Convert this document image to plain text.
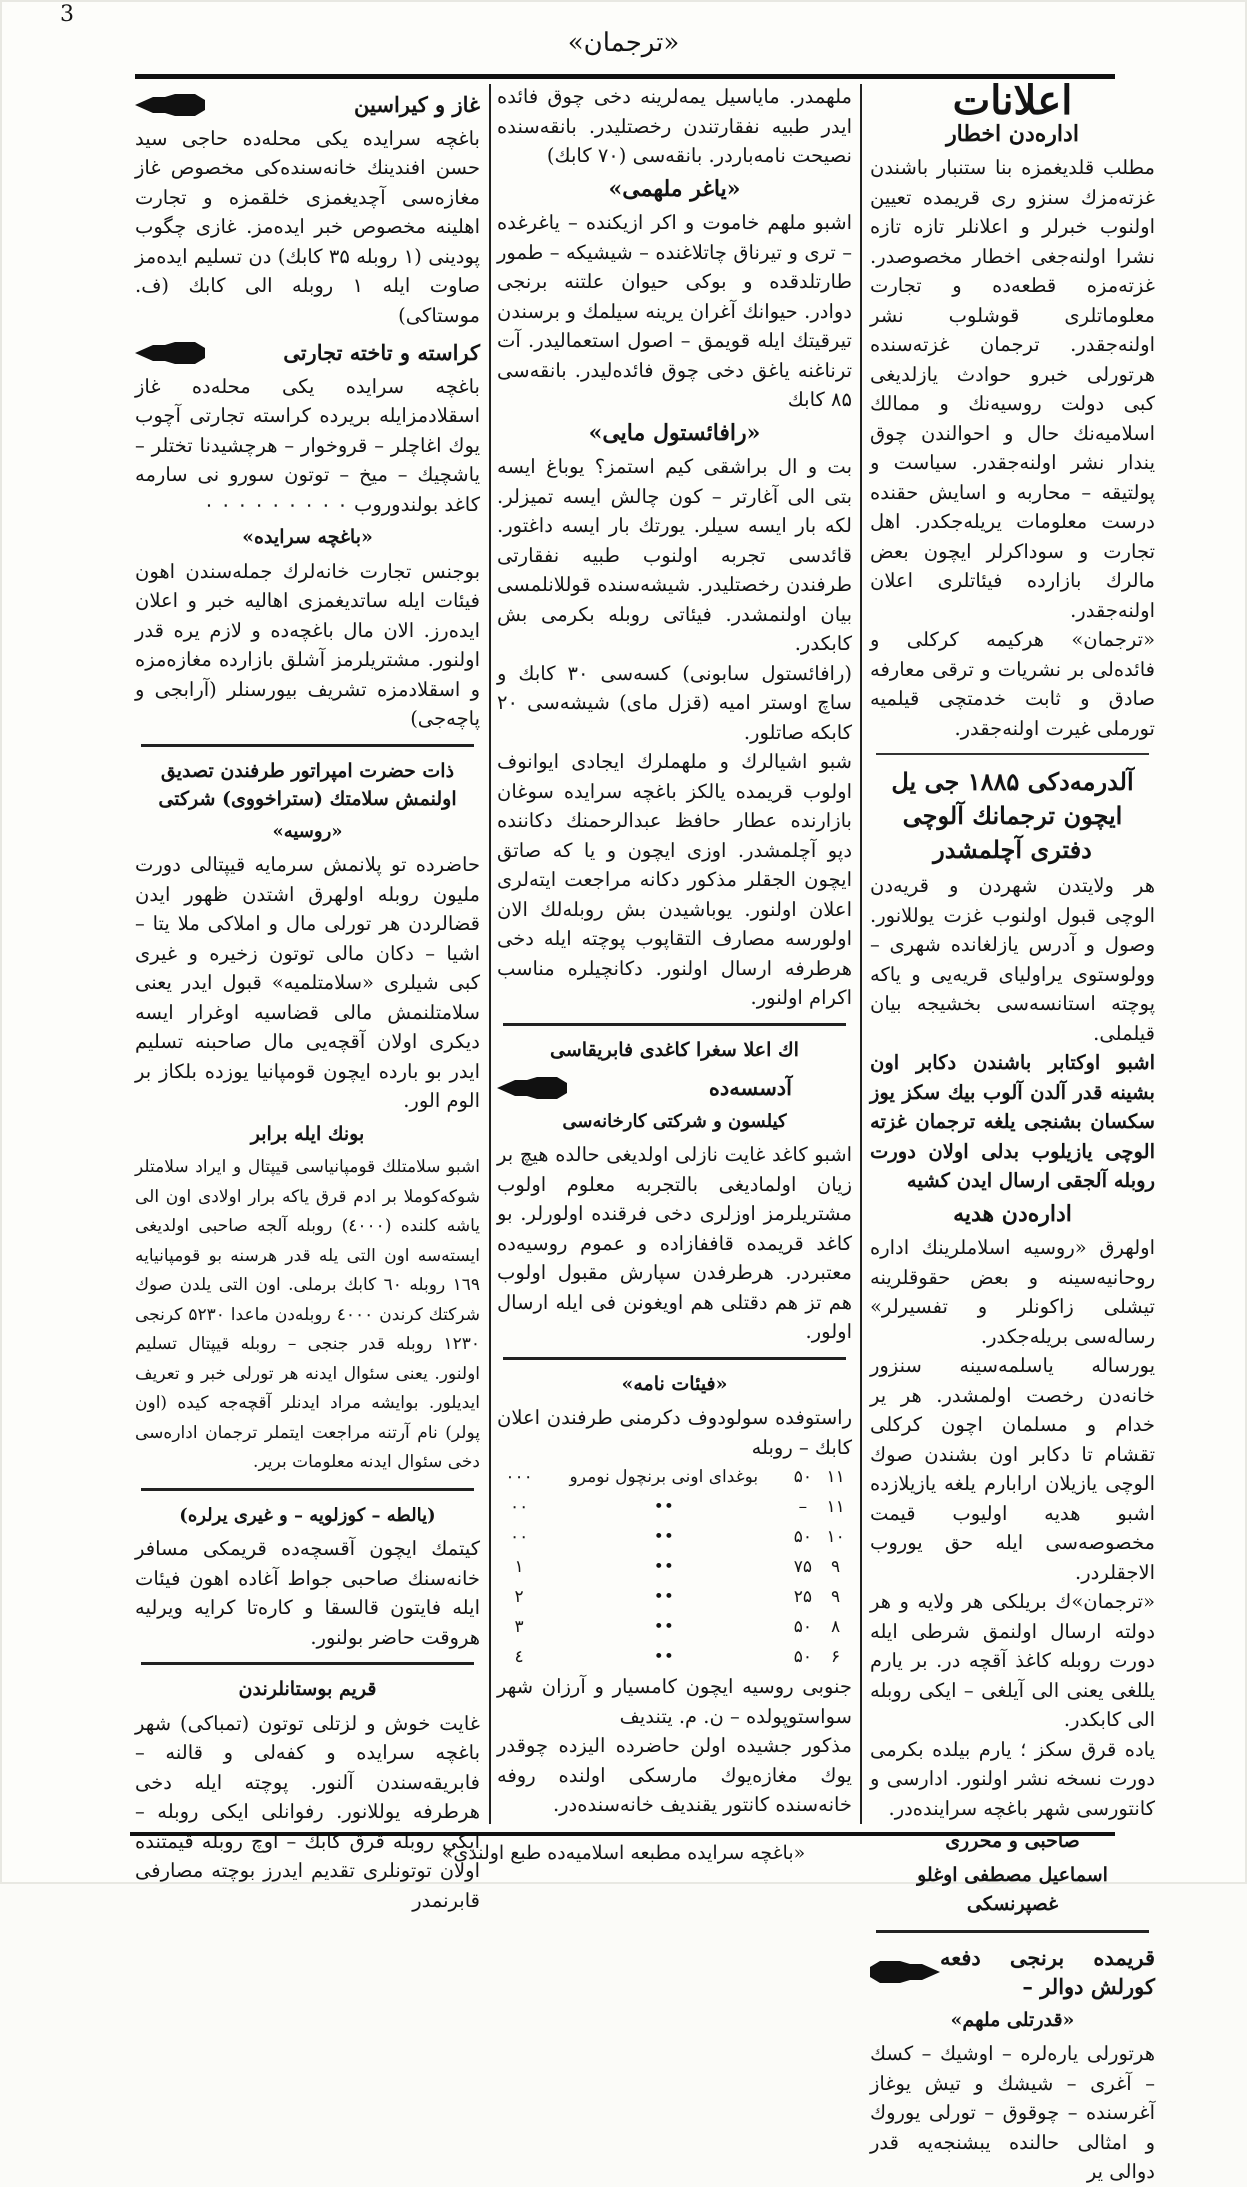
«ترجمان»
3
اعلانات
اداره‌دن اخطار

مطلب قلدیغمزه بنا ستنبار باشندن غزته‌مزك سنزو ری قریمده تعیین اولنوب خبرلر و اعلانلر تازه تازه نشرا اولنه‌جغی اخطار مخصوصدر. غزته‌مزه قطعه‌ده و تجارت معلوماتلری قوشلوب نشر اولنه‌جقدر. ترجمان غزته‌سنده هرتورلی خبرو حوادث یازلدیغی كبی دولت روسیه‌نك و ممالك اسلامیه‌نك حال و احوالندن چوق یندار نشر اولنه‌جقدر. سیاست و پولتیقه – محاربه و اسایش حقنده درست معلومات یریله‌جكدر. اهل تجارت و سوداكرلر ایچون بعض مالرك بازارده فیئاتلری اعلان اولنه‌جقدر.

«ترجمان» هركیمه كركلی و فائده‌لی بر نشریات و ترقی معارفه صادق و ثابت خدمتچی قیلمیه تورملی غیرت اولنه‌جقدر.

آلدرمه‌دكی ۱۸۸۵ جی یل ایچون ترجمانك آلوچی دفتری آچلمشدر

هر ولایتدن شهردن و قریه‌دن الوچی قبول اولنوب غزت یوللانور. وصول و آدرس یازلغانده شهری – وولوستوی یراولیای قریه‌یی و یاکه پوچته استانسه‌سی بخشیجه بیان قیلملی.

اشبو اوكتابر باشندن دكابر اون بشینه قدر آلدن آلوب بیك سكز یوز سكسان بشنجی یلغه ترجمان غزته الوچی یازیلوب بدلی اولان دورت روبله آلجقی ارسال ایدن كشیه

اداره‌دن هدیه

اولهرق «روسیه اسلاملرینك اداره‌ روحانیه‌سینه و بعض حقوقلرینه تیشلی زاكونلر و تفسیرلر» رساله‌سی بریله‌جكدر.

یورساله یاسلمه‌سینه سنزور خانه‌دن رخصت اولمشدر. هر یر خدام و مسلمان اچون كركلی تقشام تا دكابر اون بشندن صوك الوچی یازیلان ارابارم یلغه یازیلازده اشبو هدیه اولیوب قیمت مخصوصه‌سی ایله حق یوروب الاجقلردر.

«ترجمان»ك بریلکی هر ولایه و هر دولته ارسال اولنمق شرطی ایله دورت روبله کاغذ آقچه در. بر یارم یللغی یعنی الی آیلغی – ایکی روبله الی كابكدر.

یاده قرق سكز ؛ یارم بیلده بكرمی دورت نسخه نشر اولنور. ادارسی و كانتورسی شهر باغچه سراینده‌در.

صاحبی و محرری
اسماعیل مصطفی اوغلو غصپرنسکی
قریمده برنجی دفعه کورلش دوالر –
«قدرتلی ملهم»

هرتورلی یاره‌لره – اوشیك – كسك – آغری – شیشك و تیش یوغاز آغرسنده – چوقوق – تورلی یوروك و امثالی حالنده یبشنجه‌یه قدر دوالی یر

ملهمدر. مایاسیل یمه‌لرینه دخی چوق فائده ایدر طبیه نفقارتندن رخصتلیدر. بانقه‌سنده نصیحت نامه‌باردر. بانقه‌سی (۷۰ كابك)

«یاغر ملهمی»

اشبو ملهم خاموت و اكر ازیكنده – یاغرغده – تری و تیرناق چاتلاغنده – شیشیكه – طمور طارتلدقده و بوكی حیوان علتنه برنجی دوادر. حیوانك آغران یرینه سیلمك و برسندن تیرقیتك ایله قویمق – اصول استعمالیدر. آت ترناغنه یاغق دخی چوق فائده‌لیدر. بانقه‌سی ۸۵ كابك

«رافائستول مایی»

بت و ال براشقی كیم استمز؟ یوباغ ایسه بتی الی آغارتر – كون چالش ایسه تمیزلر. لكه بار ایسه سیلر. یورتك بار ایسه داغتور. قائدسی تجربه اولنوب طبیه نفقارتی طرفندن رخصتلیدر. شیشه‌سنده قوللانلمسی بیان اولنمشدر. فیئاتی روبله بكرمی بش كابكدر.

(رافائستول سابونی) كسه‌سی ۳۰ كابك و ساچ اوستر امیه (قزل مای) شیشه‌سی ۲۰ كابكه صاتلور.

شبو اشیالرك و ملهملرك ایجادی ایوانوف اولوب قریمده یالكز باغچه سرایده سوغان بازارنده عطار حافظ عبدالرحمنك دكاننده دپو آچلمشدر. اوزی ایچون و یا كه صاتق ایچون الجقلر مذكور دكانه مراجعت ایته‌لری اعلان اولنور. یوباشیدن بش روبله‌لك الان اولورسه مصارف التقاپوب پوچته ایله دخی هرطرفه ارسال اولنور. دكانچیلره مناسب اكرام اولنور.

اك اعلا سغرا كاغدی فابریقاسی
آدسسه‌ده
كیلسون و شركتی كارخانه‌سی

اشبو كاغد غایت نازلی اولدیغی حالده هیچ بر زیان اولمادیغی بالتجربه معلوم اولوب مشتریلرمز اوزلری دخی فرقنده اولورلر. بو كاغد قریمده قاففازاده و عموم روسیه‌ده معتبردر. هرطرفدن سپارش مقبول اولوب هم تز هم دقتلی هم اویغونن فی ایله ارسال اولور.

«فیئات نامه»

راستوفده سولودوف دكرمنی طرفندن اعلان كابك – روبله

۱۱	۵۰	بوغدای اونی برنچول نومرو	۰۰۰
۱۱	–	••	۰۰
۱۰	۵۰	••	۰۰
۹	۷۵	••	۱
۹	۲۵	••	۲
۸	۵۰	••	۳
۶	۵۰	••	٤

جنوبی روسیه ایچون كامسیار و آرزان شهر سواستوپولده – ن. م. یتندیف

مذكور جشیده اولن حاضرده الیزده چوقدر یوك مغازه‌یوك مارسكی اولنده روفه خانه‌سنده كانتور یقندیف خانه‌سنده‌در.

غاز و كیراسین

باغچه سرایده یکی محله‌ده حاجی سید حسن افندینك خانه‌سنده‌كی مخصوص غاز مغازه‌سی آچدیغمزی خلقمزه و تجارت اهلینه مخصوص خبر ایده‌مز. غازی چگوب پودینی (۱ روبله ۳۵ كابك) دن تسلیم ایده‌مز صاوت ایله ۱ روبله الی كابك (ف. موستاكی)

كراسته و تاخته تجارتی

باغچه سرایده یكی محله‌ده غاز اسقلادمزایله بریرده كراسته تجارتی آچوب یوك اغاچلر – قروخوار – هرچشیدنا تختلر – یاشچیك – میخ – توتون سورو نی سارمه كاغد بولندوروب ۰ ۰ ۰ ۰ ۰ ۰ ۰ ۰ ۰

«باغچه سرایده»

بوجنس تجارت خانه‌لرك جمله‌سندن اهون فیئات ایله ساتدیغمزی اهالیه خبر و اعلان ایده‌رز. الان مال باغچه‌ده و لازم یره قدر اولنور. مشتریلرمز آشلق بازارده مغازه‌مزه و اسقلادمزه تشریف بیورسنلر (آرابجی و پاچه‌جی)

ذات حضرت امپراتور طرفندن تصدیق اولنمش سلامتك (ستراخووی) شركتی
«روسیه»

حاضرده تو پلانمش سرمایه قیپتالی دورت ملیون روبله اولهرق اشتدن ظهور ایدن قضالردن هر تورلی مال و املاکی ملا یتا – اشیا – دكان مالی توتون زخیره و غیری كبی شیلری «سلامتلمیه» قبول ایدر یعنی سلامتلنمش مالی قضاسیه اوغرار ایسه دیكری اولان آقچه‌یی مال صاحبنه تسلیم ایدر بو بارده ایچون قومپانیا یوزده بلكاز بر الوم الور.

بونك ایله برابر

اشبو سلامتلك قومپانیاسی قیپتال و ایراد سلامتلر شوکه‌کوملا بر ادم قرق یاكه برار اولادی اون الی یاشه كلنده (٤۰۰۰) روبله آلجه صاحبی اولدیغی ایسته‌سه اون التی یله قدر هرسنه بو قومپانیایه ۱٦۹ روبله ٦۰ كابك برملی. اون التی یلدن صوك شركتك كرندن ٤۰۰۰ روبله‌دن ماعدا ۵۲۳۰ كرنجی ۱۲۳۰ روبله قدر جنجی – روبله قیپتال تسلیم اولنور. یعنی سئوال ایدنه هر تورلی خبر و تعریف ایدیلور. بوایشه مراد ایدنلر آقچه‌جه كیده (اون پولر) نام آرتنه مراجعت ایتملر ترجمان اداره‌سی دخی سئوال ایدنه معلومات بریر.

(یالطه – كوزلویه – و غیری یرلره)

كیتمك ایچون آقسچه‌ده قریمكی مسافر خانه‌سنك صاحبی جواط آغاده اهون فیئات ایله فایتون قالسقا و كاره‌تا كرایه ویرلیه هروقت حاضر بولنور.

قریم بوستانلرندن

غایت خوش و لزتلی توتون (تمباكی) شهر باغچه سرایده و کفه‌لی و قالنه – فابریقه‌سندن آلنور. پوچته ایله دخی هرطرفه یوللانور. رفوانلی ایکی روبله – ایکی روبله قرق كابك – اوچ روبله قیمتنده اولان توتونلری تقدیم ایدرز بوچته مصارفی قابرنمدر

«باغچه سرایده مطبعه اسلامیه‌ده طبع اولندی»
